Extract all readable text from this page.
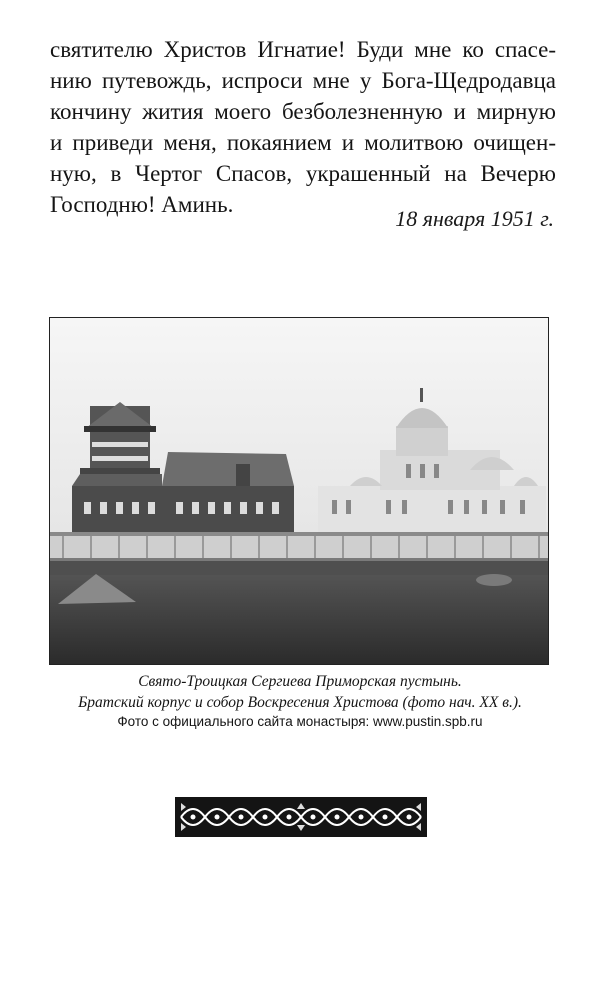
святителю Христов Игнатие! Буди мне ко спасе-
нию путевождь, испроси мне у Бога-Щедродавца
кончину жития моего безболезненную и мирную
и приведи меня, покаянием и молитвою очищен-
ную, в Чертог Спасов, украшенный на Вечерю
Господню! Аминь.
18 января 1951 г.
Свято-Троицкая Сергиева Приморская пустынь.
Братский корпус и собор Воскресения Христова (фото нач. XX в.).
Фото с официального сайта монастыря: www.pustin.spb.ru
